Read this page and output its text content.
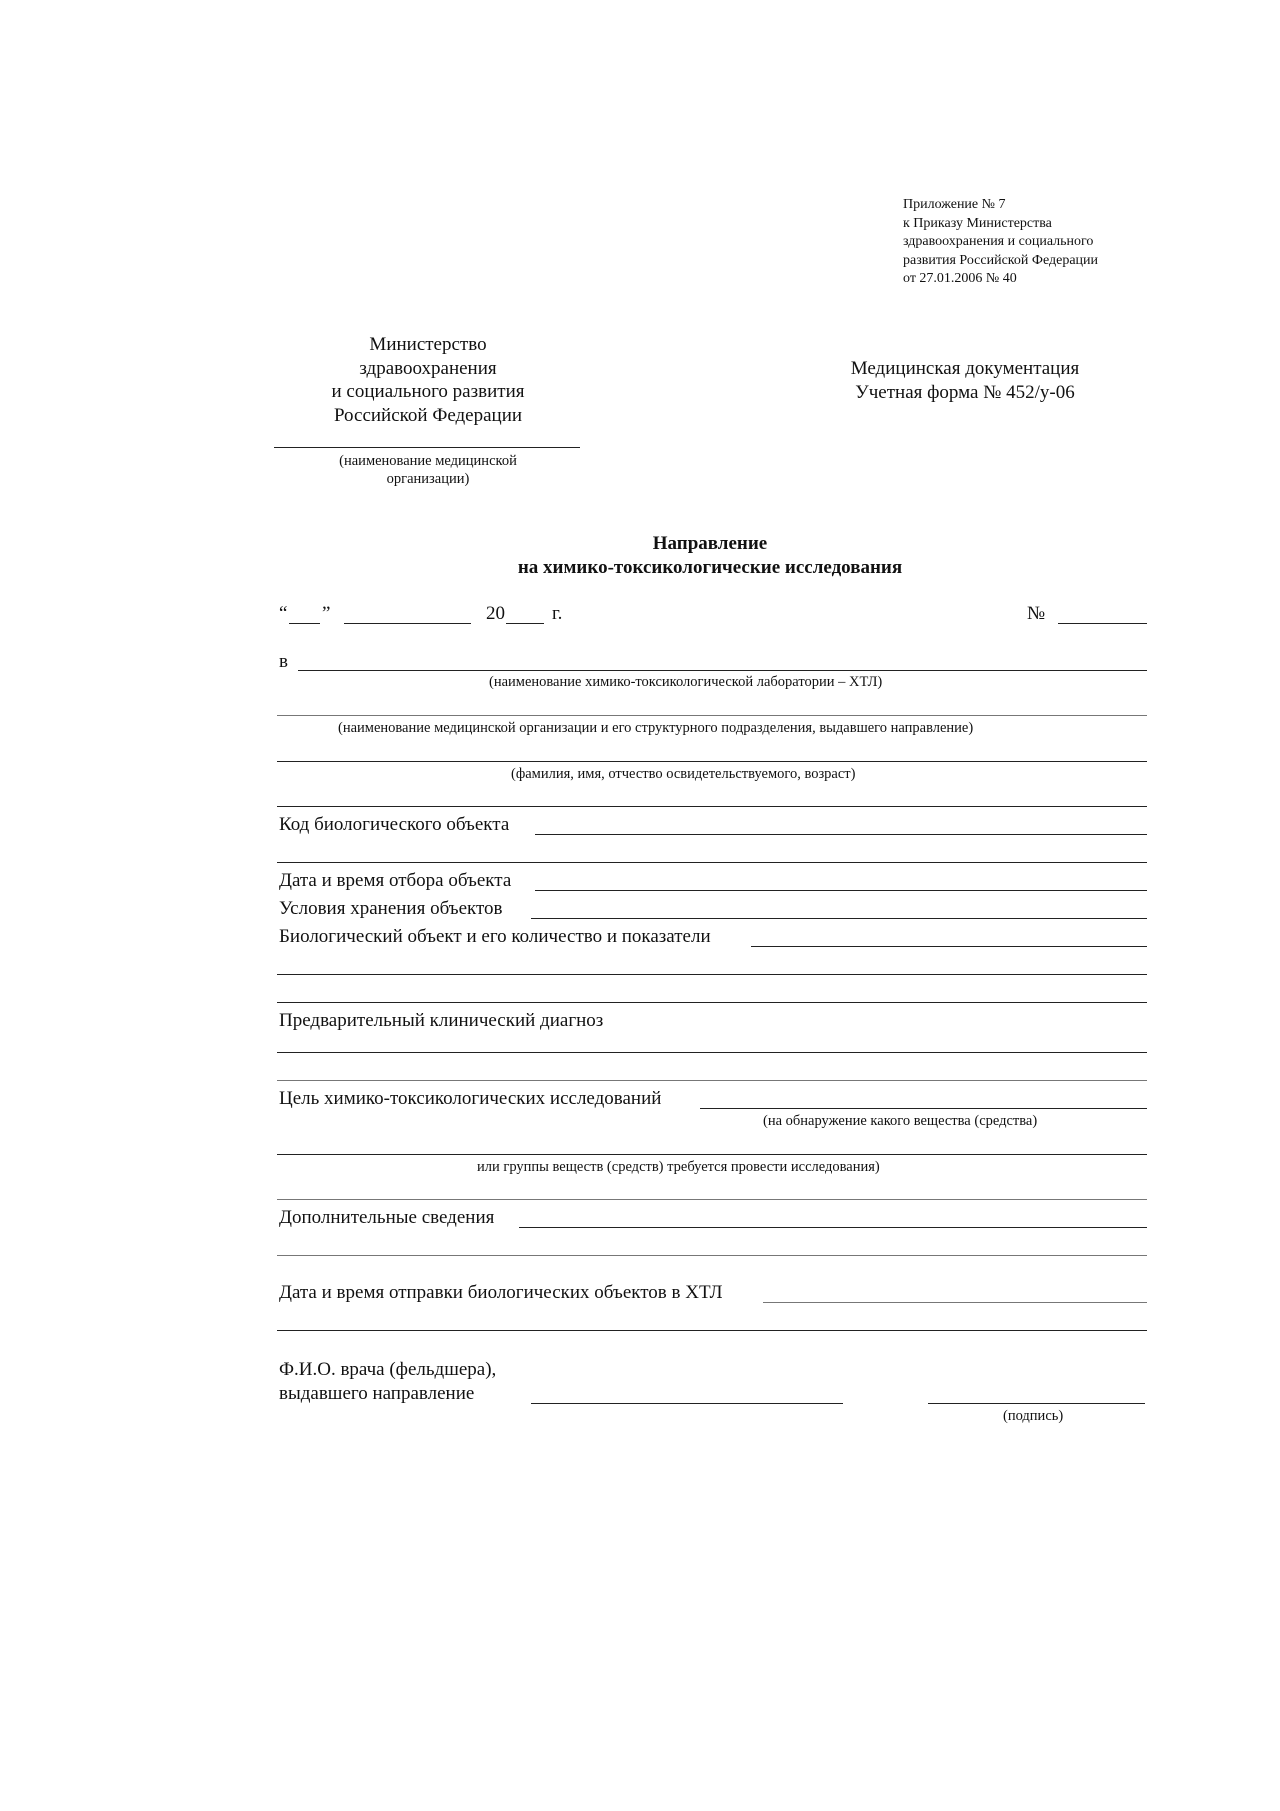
Приложение № 7
к Приказу Министерства
здравоохранения и социального
развития Российской Федерации
от 27.01.2006 № 40
Министерство
здравоохранения
и социального развития
Российской Федерации
Медицинская документация
Учетная форма № 452/у-06
(наименование медицинской
организации)
Направление
на химико-токсикологические исследования
“ ”	20 г.	№
в
(наименование химико-токсикологической лаборатории – ХТЛ)
(наименование медицинской организации и его структурного подразделения, выдавшего направление)
(фамилия, имя, отчество освидетельствуемого, возраст)
Код биологического объекта
Дата и время отбора объекта
Условия хранения объектов
Биологический объект и его количество и показатели
Предварительный клинический диагноз
Цель химико-токсикологических исследований
(на обнаружение какого вещества (средства)
или группы веществ (средств) требуется провести исследования)
Дополнительные сведения
Дата и время отправки биологических объектов в ХТЛ
Ф.И.О. врача (фельдшера),
выдавшего направление
(подпись)
